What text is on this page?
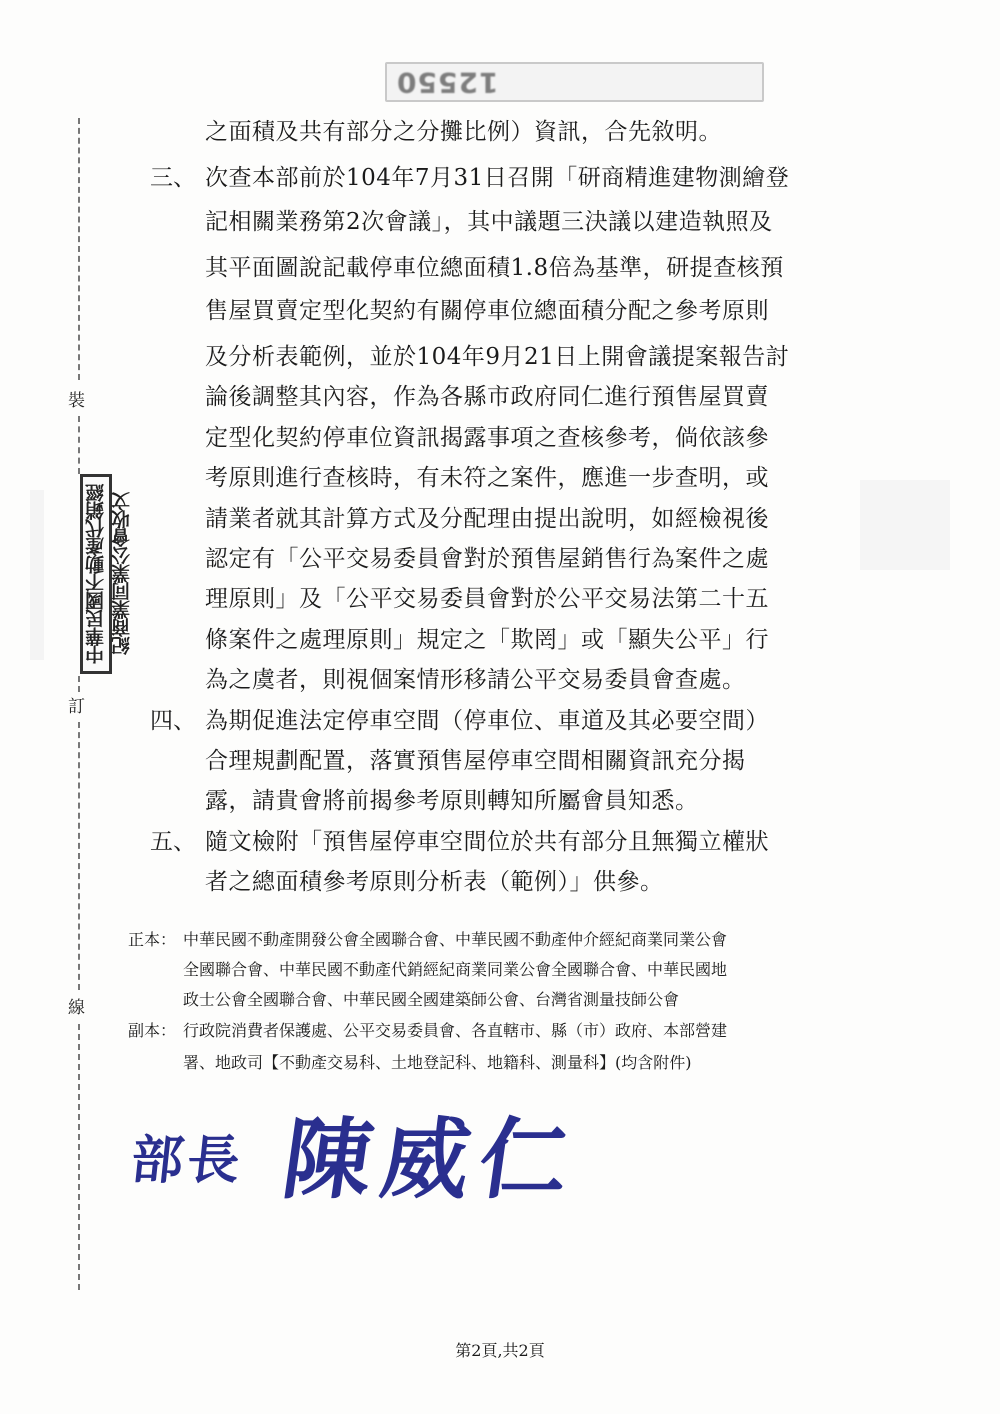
12550
裝
中華民國不動產代銷經紀商業同業公會收文
訂
線
之面積及共有部分之分攤比例）資訊，合先敘明。
三、 次查本部前於104年7月31日召開「研商精進建物測繪登
記相關業務第2次會議」，其中議題三決議以建造執照及
其平面圖說記載停車位總面積1.8倍為基準，研提查核預
售屋買賣定型化契約有關停車位總面積分配之參考原則
及分析表範例，並於104年9月21日上開會議提案報告討
論後調整其內容，作為各縣市政府同仁進行預售屋買賣
定型化契約停車位資訊揭露事項之查核參考，倘依該參
考原則進行查核時，有未符之案件，應進一步查明，或
請業者就其計算方式及分配理由提出說明，如經檢視後
認定有「公平交易委員會對於預售屋銷售行為案件之處
理原則」及「公平交易委員會對於公平交易法第二十五
條案件之處理原則」規定之「欺罔」或「顯失公平」行
為之虞者，則視個案情形移請公平交易委員會查處。
四、 為期促進法定停車空間（停車位、車道及其必要空間）
合理規劃配置，落實預售屋停車空間相關資訊充分揭
露，請貴會將前揭參考原則轉知所屬會員知悉。
五、 隨文檢附「預售屋停車空間位於共有部分且無獨立權狀
者之總面積參考原則分析表（範例）」供參。
正本： 中華民國不動產開發公會全國聯合會、中華民國不動產仲介經紀商業同業公會
全國聯合會、中華民國不動產代銷經紀商業同業公會全國聯合會、中華民國地
政士公會全國聯合會、中華民國全國建築師公會、台灣省測量技師公會
副本： 行政院消費者保護處、公平交易委員會、各直轄市、縣（市）政府、本部營建
署、地政司【不動產交易科、土地登記科、地籍科、測量科】(均含附件)
部長 陳威仁
第2頁,共2頁
